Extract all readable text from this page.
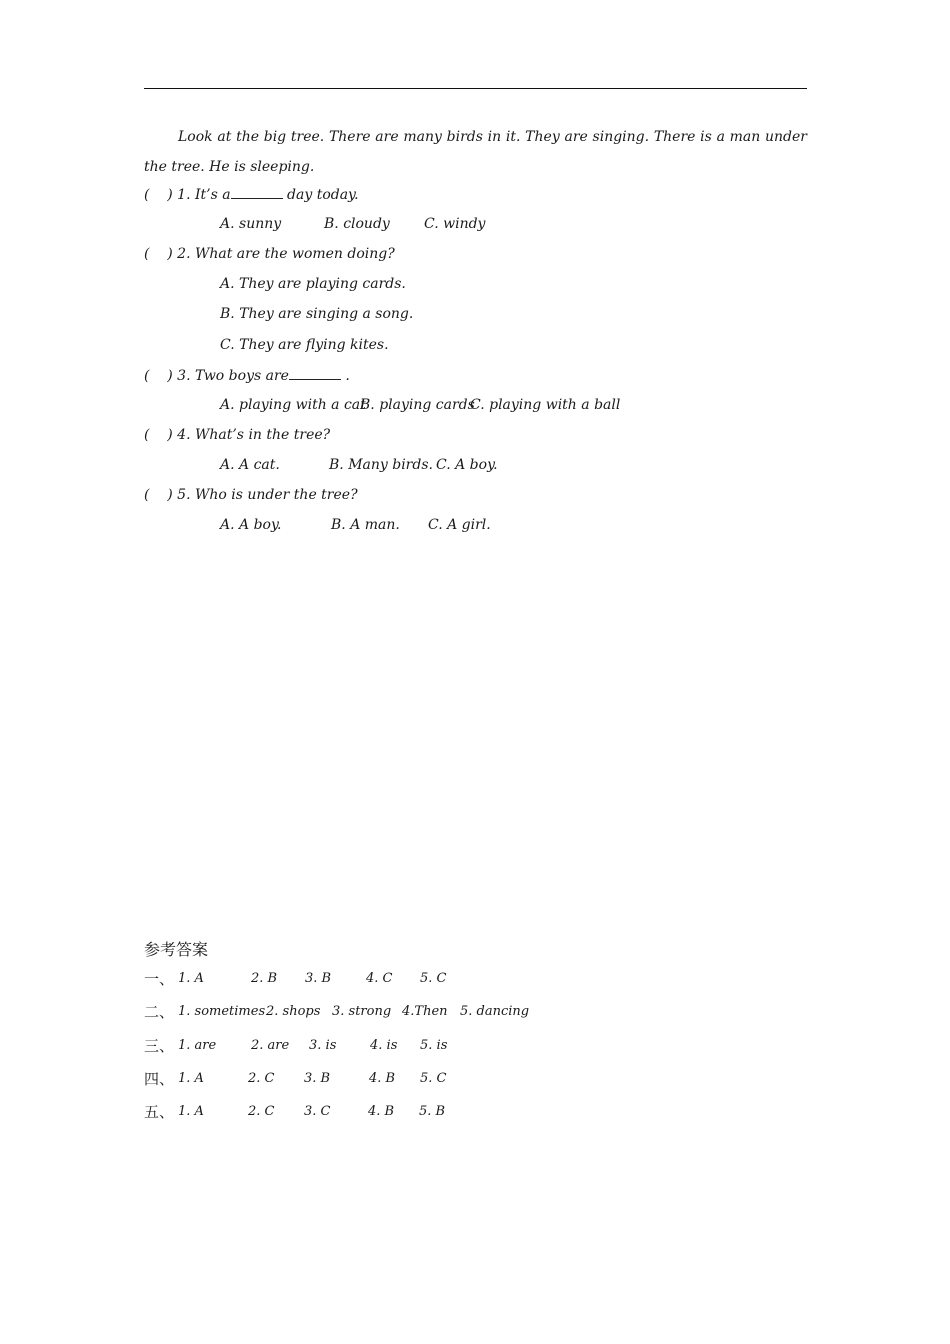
Look at the big tree. There are many birds in it. They are singing. There is a man under the tree. He is sleeping.
(    ) 1. It’s a	day today.
A. sunny	B. cloudy C. windy
(    ) 2. What are the women doing?
A. They are playing cards.
B. They are singing a song.
C. They are flying kites.
(    ) 3. Two boys are	.
A. playing with a cat
B. playing cards
C. playing with a ball
(    ) 4. What’s in the tree?
A. A cat.	B. Many birds. C. A boy.
(    ) 5. Who is under the tree?
A. A boy.	B. A man. C. A girl.
参考答案
一、 1. A	2. B 3. B	4. C 5. C
二、 1. sometimes 2. shops 3. strong 4.Then 5. dancing
三、 1. are	2. are 3. is	4. is 5. is
四、 1. A	2. C 3. B	4. B 5. C
五、 1. A	2. C 3. C	4. B 5. B
